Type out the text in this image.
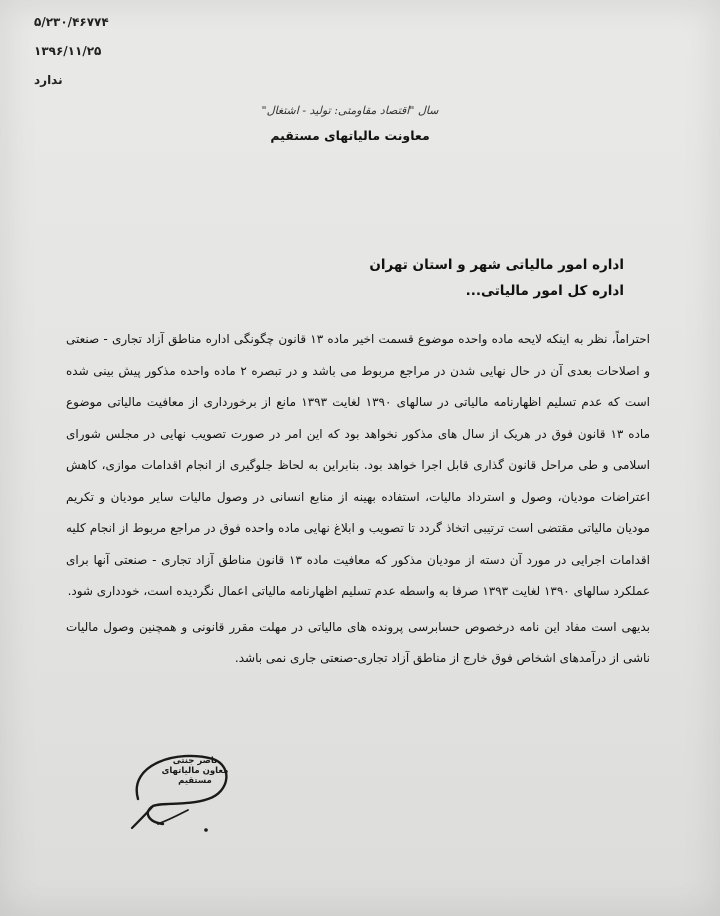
۵/۲۳۰/۴۶۷۷۴
۱۳۹۶/۱۱/۲۵
ندارد
سال "اقتصاد مقاومتی: تولید - اشتغال"
معاونت مالیاتهای مستقیم
اداره امور مالیاتی شهر و استان تهران
اداره کل امور مالیاتی...

احتراماً، نظر به اینکه لایحه ماده واحده موضوع قسمت اخیر ماده ۱۳ قانون چگونگی اداره مناطق آزاد تجاری - صنعتی و اصلاحات بعدی آن در حال نهایی شدن در مراجع مربوط می باشد و در تبصره ۲ ماده واحده مذکور پیش بینی شده است که عدم تسلیم اظهارنامه مالیاتی در سالهای ۱۳۹۰ لغایت ۱۳۹۳ مانع از برخورداری از معافیت مالیاتی موضوع ماده ۱۳ قانون فوق در هریک از سال های مذکور نخواهد بود که این امر در صورت تصویب نهایی در مجلس شورای اسلامی و طی مراحل قانون گذاری قابل اجرا خواهد بود. بنابراین به لحاظ جلوگیری از انجام اقدامات موازی، کاهش اعتراضات مودیان، وصول و استرداد مالیات، استفاده بهینه از منابع انسانی در وصول مالیات سایر مودیان و تکریم مودیان مالیاتی مقتضی است ترتیبی اتخاذ گردد تا تصویب و ابلاغ نهایی ماده واحده فوق در مراجع مربوط از انجام کلیه اقدامات اجرایی در مورد آن دسته از مودیان مذکور که معافیت ماده ۱۳ قانون مناطق آزاد تجاری - صنعتی آنها برای عملکرد سالهای ۱۳۹۰ لغایت ۱۳۹۳ صرفا به واسطه عدم تسلیم اظهارنامه مالیاتی اعمال نگردیده است، خودداری شود.

بدیهی است مفاد این نامه درخصوص حسابرسی پرونده های مالیاتی در مهلت مقرر قانونی و همچنین وصول مالیات ناشی از درآمدهای اشخاص فوق خارج از مناطق آزاد تجاری-صنعتی جاری نمی باشد.

ناصر جنتی
معاون مالیاتهای مستقیم
